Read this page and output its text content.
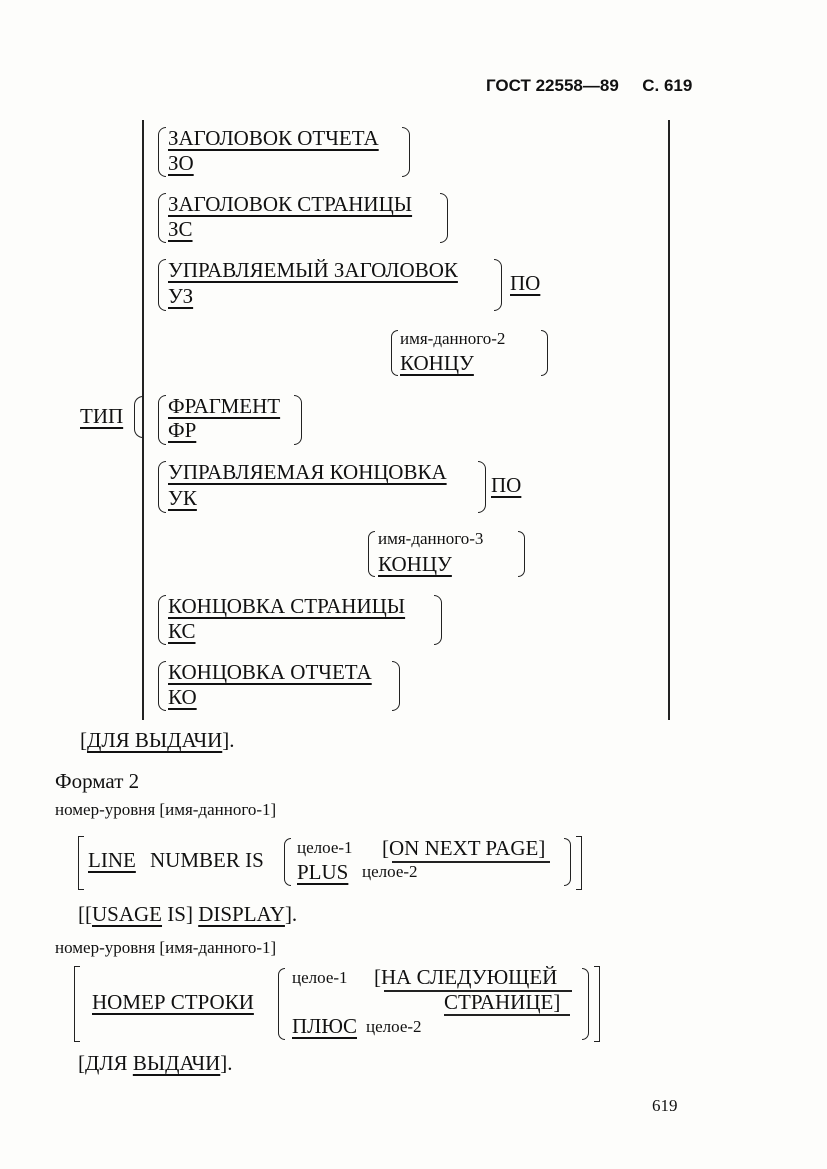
ГОСТ 22558—89 С. 619
ТИП
ЗАГОЛОВОК ОТЧЕТА
ЗО
ЗАГОЛОВОК СТРАНИЦЫ
ЗС
УПРАВЛЯЕМЫЙ ЗАГОЛОВОК
УЗ
ПО
имя-данного-2
КОНЦУ
ФРАГМЕНТ
ФР
УПРАВЛЯЕМАЯ КОНЦОВКА
УК
ПО
имя-данного-3
КОНЦУ
КОНЦОВКА СТРАНИЦЫ
КС
КОНЦОВКА ОТЧЕТА
КО
[ДЛЯ ВЫДАЧИ].
Формат 2
номер-уровня [имя-данного-1]
LINE NUMBER IS
целое-1 [ON NEXT PAGE]
PLUS целое-2
[[USAGE IS] DISPLAY].
номер-уровня [имя-данного-1]
НОМЕР СТРОКИ
целое-1 [НА СЛЕДУЮЩЕЙ
СТРАНИЦЕ]
ПЛЮС целое-2
[ДЛЯ ВЫДАЧИ].
619
